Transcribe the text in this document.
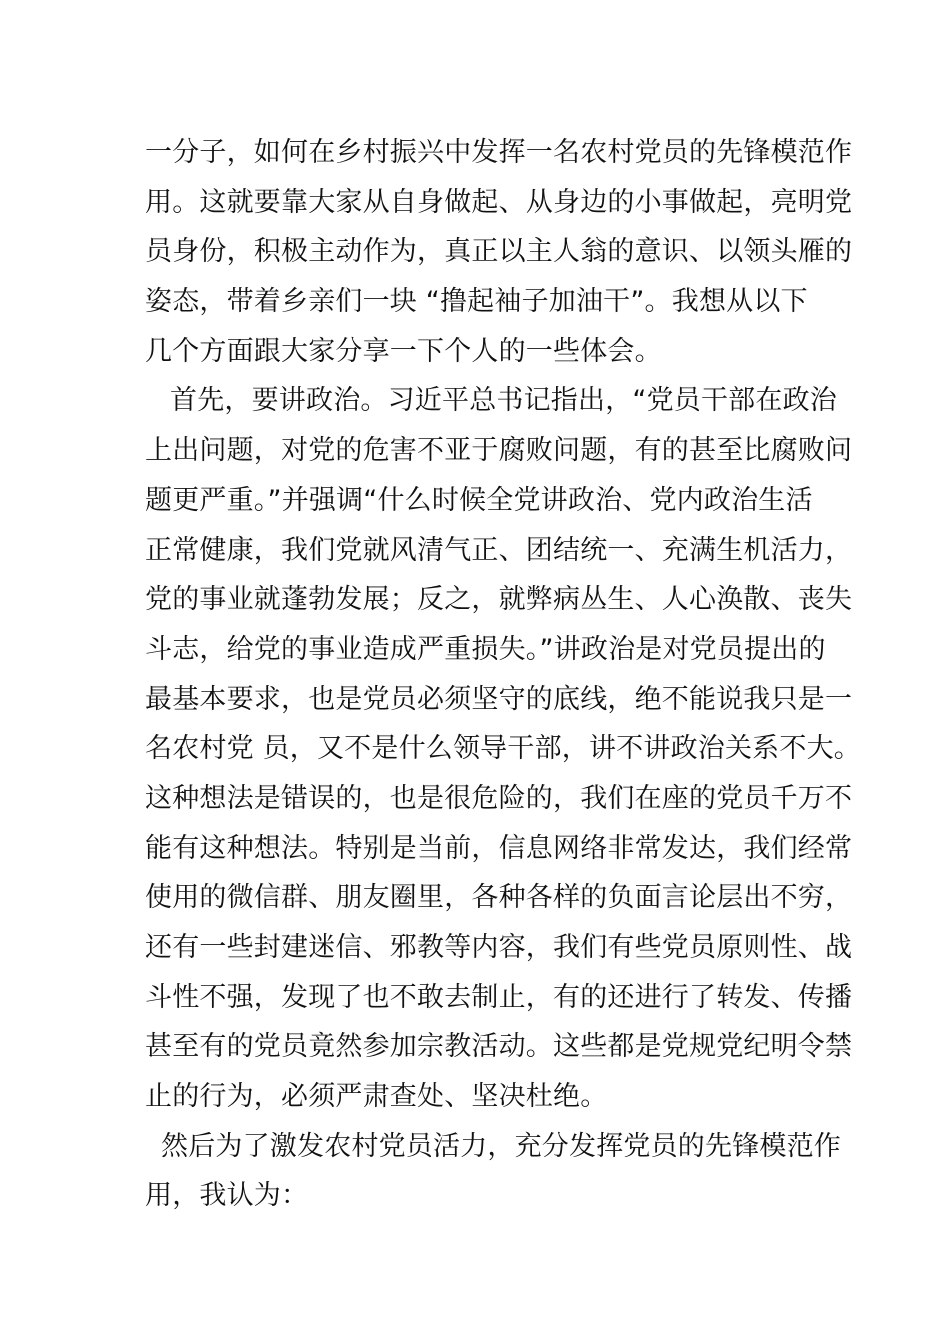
一分子，如何在乡村振兴中发挥一名农村党员的先锋模范作
用。这就要靠大家从自身做起、从身边的小事做起，亮明党
员身份，积极主动作为，真正以主人翁的意识、以领头雁的
姿态，带着乡亲们一块 “撸起袖子加油干”。我想从以下
几个方面跟大家分享一下个人的一些体会。
首先，要讲政治。习近平总书记指出，“党员干部在政治
上出问题，对党的危害不亚于腐败问题，有的甚至比腐败问
题更严重。”并强调“什么时候全党讲政治、党内政治生活
正常健康，我们党就风清气正、团结统一、充满生机活力，
党的事业就蓬勃发展；反之，就弊病丛生、人心涣散、丧失
斗志，给党的事业造成严重损失。”讲政治是对党员提出的
最基本要求，也是党员必须坚守的底线，绝不能说我只是一
名农村党 员，又不是什么领导干部，讲不讲政治关系不大。
这种想法是错误的，也是很危险的，我们在座的党员千万不
能有这种想法。特别是当前，信息网络非常发达，我们经常
使用的微信群、朋友圈里，各种各样的负面言论层出不穷，
还有一些封建迷信、邪教等内容，我们有些党员原则性、战
斗性不强，发现了也不敢去制止，有的还进行了转发、传播
甚至有的党员竟然参加宗教活动。这些都是党规党纪明令禁
止的行为，必须严肃查处、坚决杜绝。
然后为了激发农村党员活力，充分发挥党员的先锋模范作
用，我认为：
